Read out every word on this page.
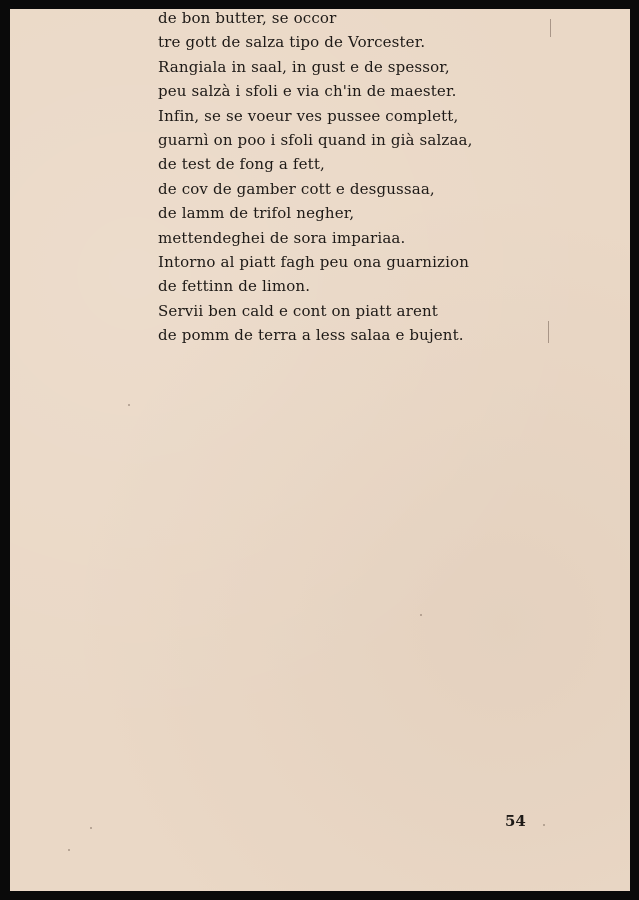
de bon butter, se occor
tre gott de salza tipo de Vorcester.
Rangiala in saal, in gust e de spessor,
peu salzà i sfoli e via ch'in de maester.
Infin, se se voeur ves pussee complett,
guarnì on poo i sfoli quand in già salzaa,
de test de fong a fett,
de cov de gamber cott e desgussaa,
de lamm de trifol negher,
mettendeghei de sora impariaa.
Intorno al piatt fagh peu ona guarnizion
de fettinn de limon.
Servii ben cald e cont on piatt arent
de pomm de terra a less salaa e bujent.
54
